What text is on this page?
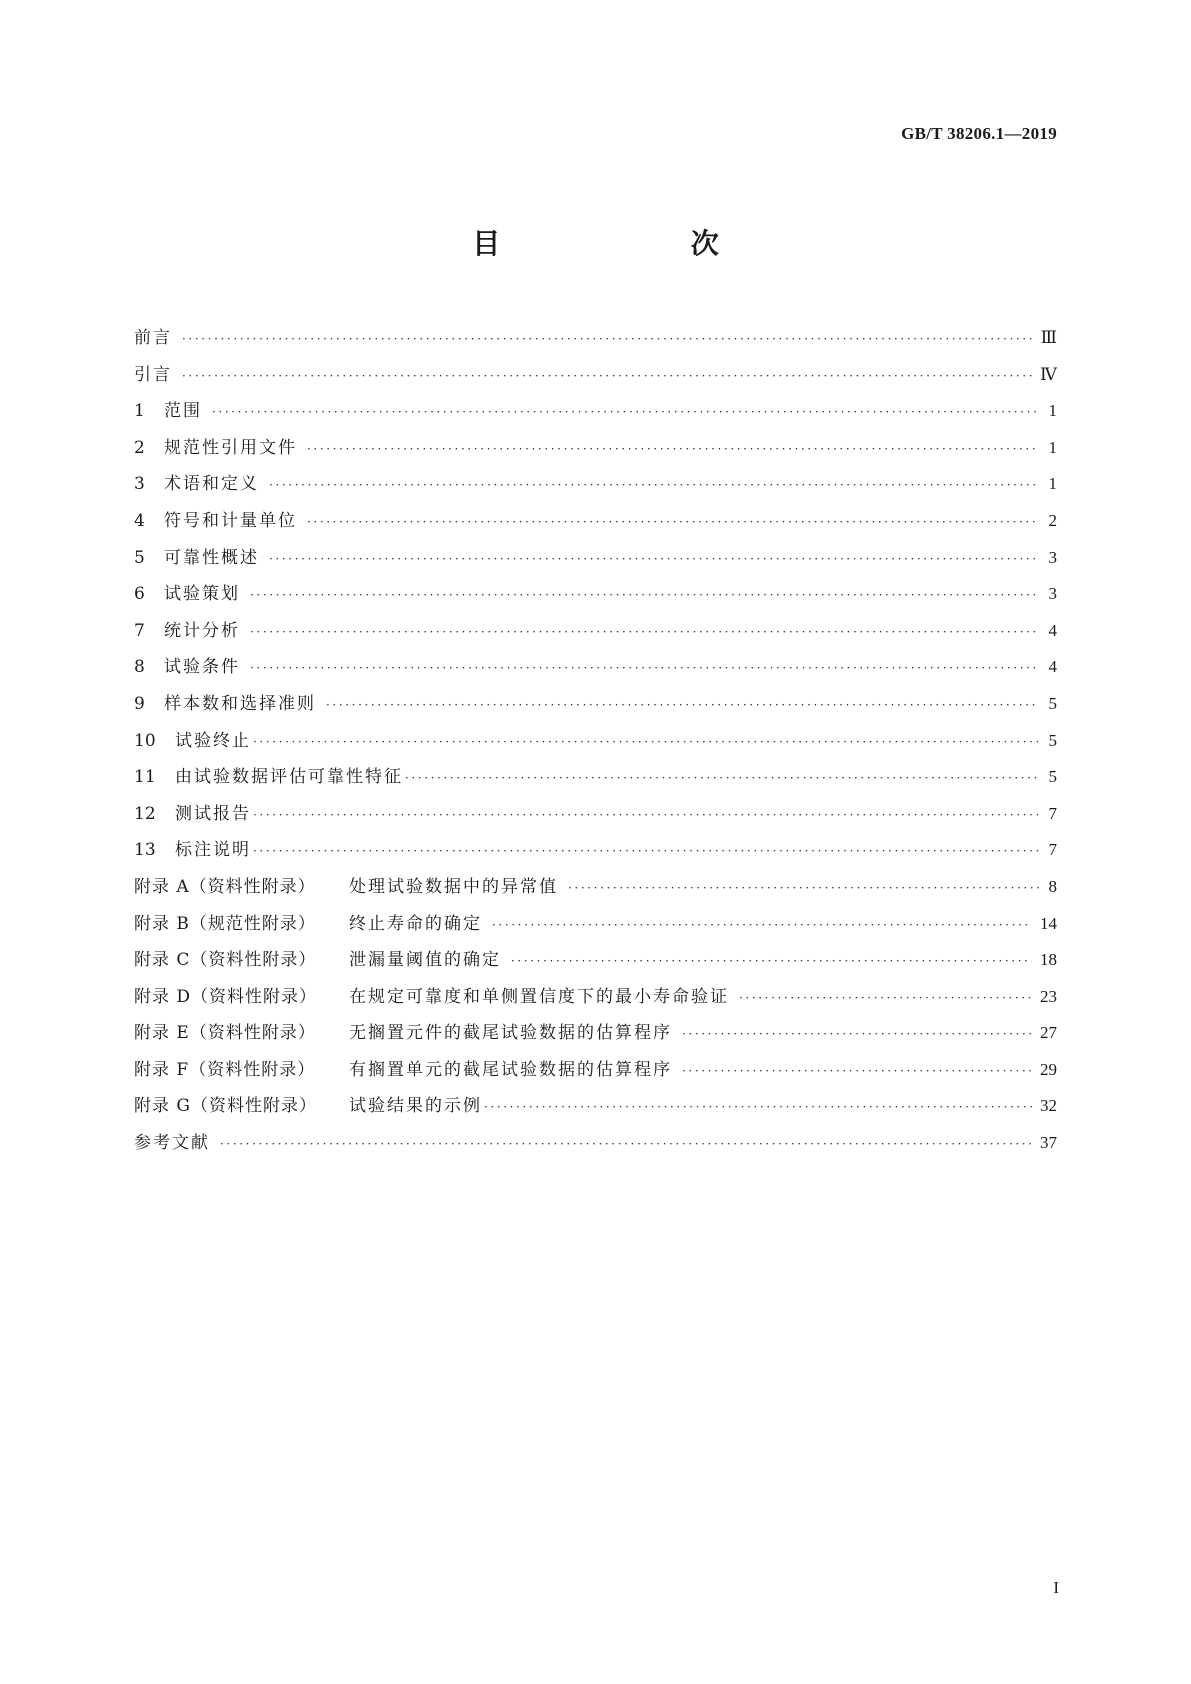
GB/T 38206.1—2019
目　　次
前言 ·····	Ⅲ
引言 ·····	Ⅳ
1	范围 ·····	1
2	规范性引用文件 ·····	1
3	术语和定义 ·····	1
4	符号和计量单位 ·····	2
5	可靠性概述 ·····	3
6	试验策划 ·····	3
7	统计分析 ·····	4
8	试验条件 ·····	4
9	样本数和选择准则 ·····	5
10	试验终止 ·····	5
11	由试验数据评估可靠性特征 ·····	5
12	测试报告 ·····	7
13	标注说明 ·····	7
附录 A（资料性附录）	处理试验数据中的异常值 ·····	8
附录 B（规范性附录）	终止寿命的确定 ·····	14
附录 C（资料性附录）	泄漏量阈值的确定 ·····	18
附录 D（资料性附录）	在规定可靠度和单侧置信度下的最小寿命验证 ·····	23
附录 E（资料性附录）	无搁置元件的截尾试验数据的估算程序 ·····	27
附录 F（资料性附录）	有搁置单元的截尾试验数据的估算程序 ·····	29
附录 G（资料性附录）	试验结果的示例 ·····	32
参考文献 ·····	37
I
